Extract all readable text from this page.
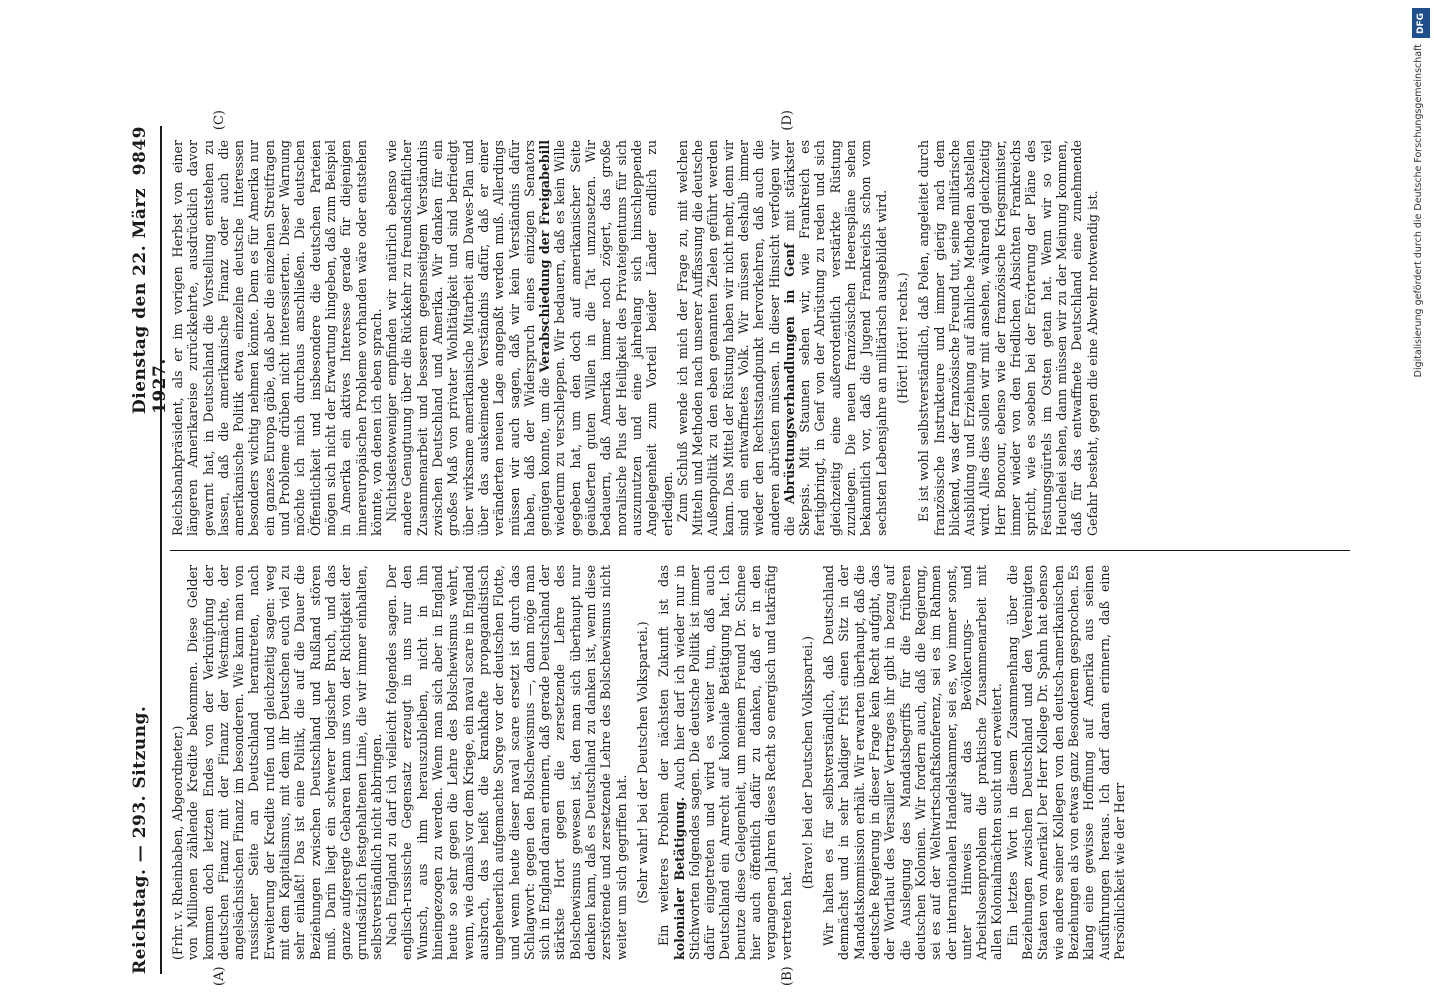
Reichstag. — 293. Sitzung.
Dienstag den 22. März 1927.
9849

(Frhr. v. Rheinbaben, Abgeordneter.) von Millionen zählende Kredite bekommen. Diese Gelder kommen doch letzten Endes von der Verknüpfung der deutschen Finanz mit der Finanz der Westmächte, der angelsächsischen Finanz im besonderen. Wie kann man von russischer Seite an Deutschland herantreten, nach Erweiterung der Kredite rufen und gleichzeitig sagen: weg mit dem Kapitalismus, mit dem ihr Deutschen euch viel zu sehr einlaßt! Das ist eine Politik, die auf die Dauer die Beziehungen zwischen Deutschland und Rußland stören muß. Darin liegt ein schwerer logischer Bruch, und das ganze aufgeregte Gebaren kann uns von der Richtigkeit der grundsätzlich festgehaltenen Linie, die wir immer einhalten, selbstverständlich nicht abbringen. Nach England zu darf ich vielleicht folgendes sagen. Der englisch-russische Gegensatz erzeugt in uns nur den Wunsch, aus ihm herauszubleiben, nicht in ihn hineingezogen zu werden. Wenn man sich aber in England heute so sehr gegen die Lehre des Bolschewismus wehrt, wenn, wie damals vor dem Kriege, ein naval scare in England ausbrach, das heißt die krankhafte propagandistisch ungeheuerlich aufgemachte Sorge vor der deutschen Flotte, und wenn heute dieser naval scare ersetzt ist durch das Schlagwort: gegen den Bolschewismus —, dann möge man sich in England daran erinnern, daß gerade Deutschland der stärkste Hort gegen die zersetzende Lehre des Bolschewismus gewesen ist, den man sich überhaupt nur denken kann, daß es Deutschland zu danken ist, wenn diese zerstörende und zersetzende Lehre des Bolschewismus nicht weiter um sich gegriffen hat. (Sehr wahr! bei der Deutschen Volkspartei.) Ein weiteres Problem der nächsten Zukunft ist das kolonialer Betätigung. Auch hier darf ich wieder nur in Stichworten folgendes sagen. Die deutsche Politik ist immer dafür eingetreten und wird es weiter tun, daß auch Deutschland ein Anrecht auf koloniale Betätigung hat. Ich benutze diese Gelegenheit, um meinem Freund Dr. Schnee hier auch öffentlich dafür zu danken, daß er in den vergangenen Jahren dieses Recht so energisch und tatkräftig vertreten hat.

(Bravo! bei der Deutschen Volkspartei.) Wir halten es für selbstverständlich, daß Deutschland demnächst und in sehr baldiger Frist einen Sitz in der Mandatskommission erhält. Wir erwarten überhaupt, daß die deutsche Regierung in dieser Frage kein Recht aufgibt, das der Wortlaut des Versailler Vertrages ihr gibt in bezug auf die Auslegung des Mandatsbegriffs für die früheren deutschen Kolonien. Wir fordern auch, daß die Regierung, sei es auf der Weltwirtschaftskonferenz, sei es im Rahmen der internationalen Handelskammer, sei es, wo immer sonst, unter Hinweis auf das Bevölkerungs- und Arbeitslosenproblem die praktische Zusammenarbeit mit allen Kolonialmächten sucht und erweitert. Ein letztes Wort in diesem Zusammenhang über die Beziehungen zwischen Deutschland und den Vereinigten Staaten von Amerika! Der Herr Kollege Dr. Spahn hat ebenso wie andere seiner Kollegen von den deutsch-amerikanischen Beziehungen als von etwas ganz Besonderem gesprochen. Es klang eine gewisse Hoffnung auf Amerika aus seinen Ausführungen heraus. Ich darf daran erinnern, daß eine Persönlichkeit wie der Herr

Reichsbankpräsident, als er im vorigen Herbst von einer längeren Amerikareise zurückkehrte, ausdrücklich davor gewarnt hat, in Deutschland die Vorstellung entstehen zu lassen, daß die amerikanische Finanz oder auch die amerikanische Politik etwa einzelne deutsche Interessen besonders wichtig nehmen könnte. Denn es für Amerika nur ein ganzes Europa gäbe, daß aber die einzelnen Streitfragen und Probleme drüben nicht interessierten. Dieser Warnung möchte ich mich durchaus anschließen. Die deutschen Öffentlichkeit und insbesondere die deutschen Parteien mögen sich nicht der Erwartung hingeben, daß zum Beispiel in Amerika ein aktives Interesse gerade für diejenigen innereuropäischen Probleme vorhanden wäre oder entstehen könnte, von denen ich eben sprach. Nichtsdestoweniger empfinden wir natürlich ebenso wie andere Genugtuung über die Rückkehr zu freundschaftlicher Zusammenarbeit und besserem gegenseitigem Verständnis zwischen Deutschland und Amerika. Wir danken für ein großes Maß von privater Wohltätigkeit und sind befriedigt über wirksame amerikanische Mitarbeit am Dawes-Plan und über das auskeimende Verständnis dafür, daß er einer veränderten neuen Lage angepaßt werden muß. Allerdings müssen wir auch sagen, daß wir kein Verständnis dafür haben, daß der Widerspruch eines einzigen Senators genügen konnte, um die Verabschiedung der Freigabebill wiederum zu verschleppen. Wir bedauern, daß es kein Wille gegeben hat, um den doch auf amerikanischer Seite geäußerten guten Willen in die Tat umzusetzen. Wir bedauern, daß Amerika immer noch zögert, das große moralische Plus der Heiligkeit des Privateigentums für sich auszunutzen und eine jahrelang sich hinschleppende Angelegenheit zum Vorteil beider Länder endlich zu erledigen. Zum Schluß wende ich mich der Frage zu, mit welchen Mitteln und Methoden nach unserer Auffassung die deutsche Außenpolitik zu den eben genannten Zielen geführt werden kann. Das Mittel der Rüstung haben wir nicht mehr, denn wir sind ein entwaffnetes Volk. Wir müssen deshalb immer wieder den Rechtsstandpunkt hervorkehren, daß auch die anderen abrüsten müssen. In dieser Hinsicht verfolgen wir die Abrüstungsverhandlungen in Genf mit stärkster Skepsis. Mit Staunen sehen wir, wie Frankreich es fertigbringt, in Genf von der Abrüstung zu reden und sich gleichzeitig eine außerordentlich verstärkte Rüstung zuzulegen. Die neuen französischen Heerespläne sehen bekanntlich vor, daß die Jugend Frankreichs schon vom sechsten Lebensjahre an militärisch ausgebildet wird. (Hört! Hört! rechts.) Es ist wohl selbstverständlich, daß Polen, angeleitet durch französische Instrukteure und immer gierig nach dem blickend, was der französische Freund tut, seine militärische Ausbildung und Erziehung auf ähnliche Methoden abstellen wird. Alles dies sollen wir mit ansehen, während gleichzeitig Herr Boncour, ebenso wie der französische Kriegsminister, immer wieder von den friedlichen Absichten Frankreichs spricht, wie es soeben bei der Erörterung der Pläne des Festungsgürtels im Osten getan hat. Wenn wir so viel Heuchelei sehen, dann müssen wir zu der Meinung kommen, daß für das entwaffnete Deutschland eine zunehmende Gefahr besteht, gegen die eine Abwehr notwendig ist.

(A)	(B)
(C)	(D)
DFG
Digitalisierung gefördert durch die Deutsche Forschungsgemeinschaft
